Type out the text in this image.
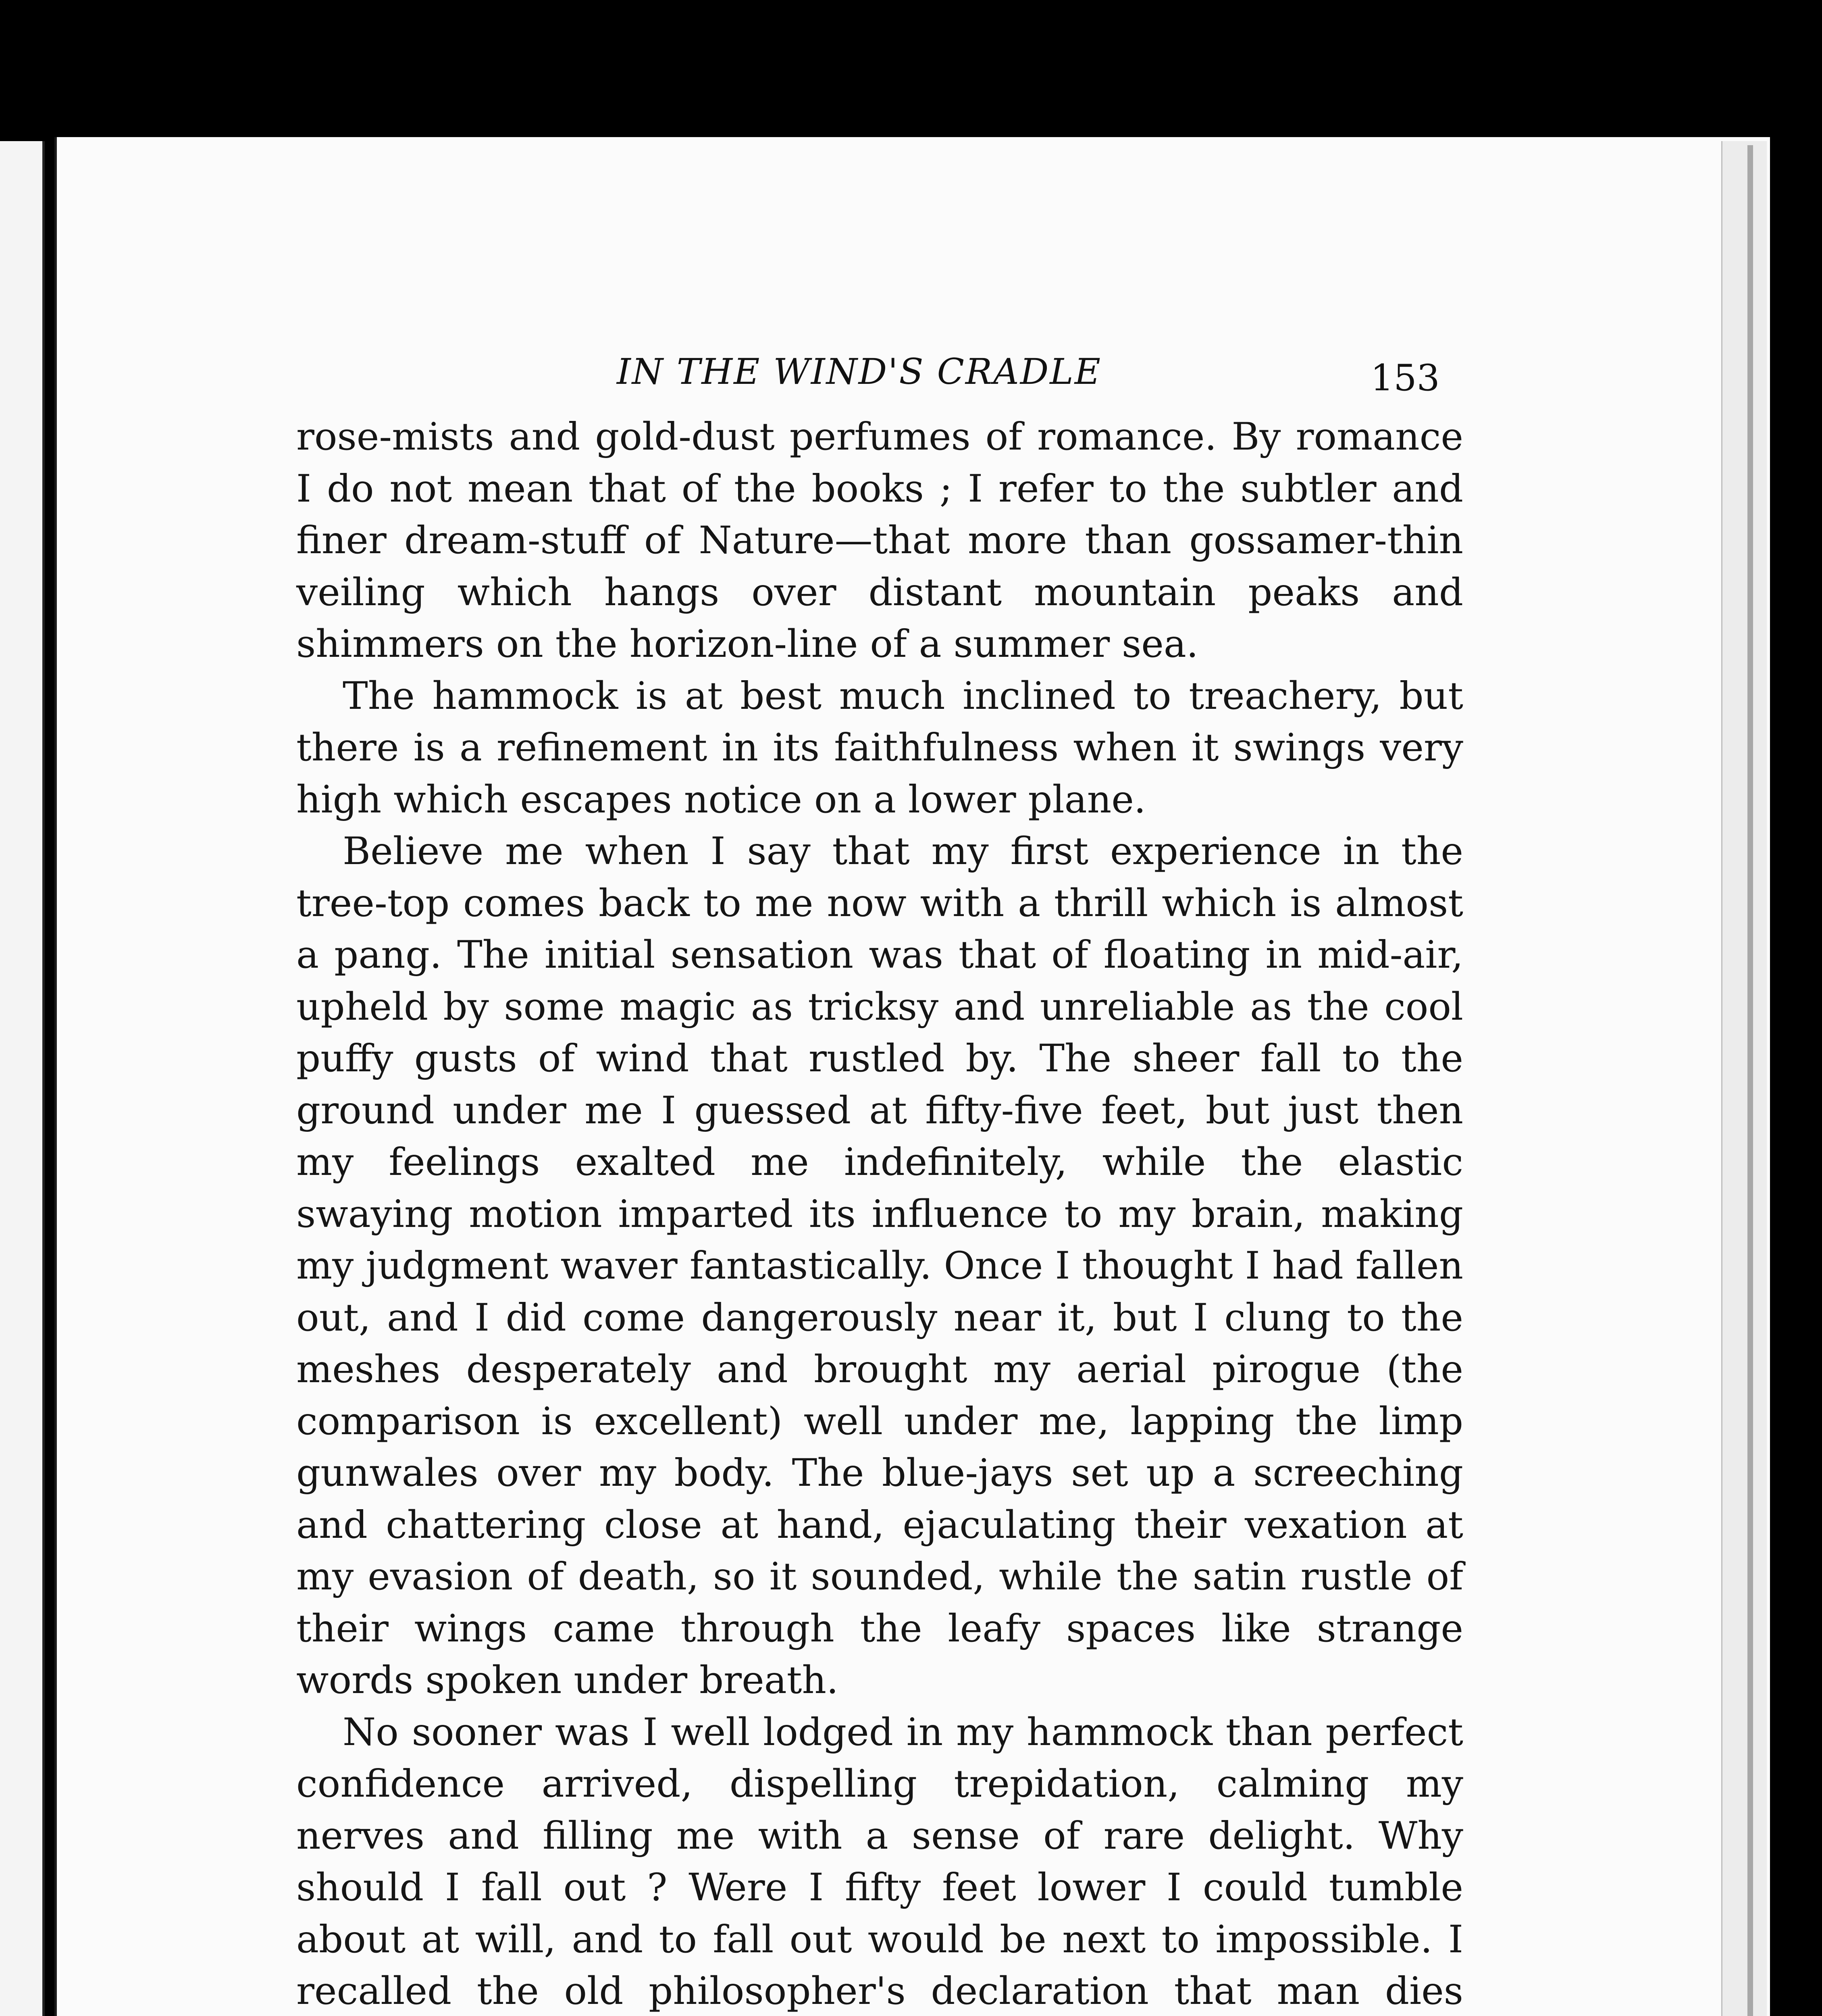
IN THE WIND'S CRADLE	153

rose-mists and gold-dust perfumes of romance. By romance I do not mean that of the books ; I refer to the subtler and finer dream-stuff of Nature—that more than gossamer-thin veiling which hangs over distant mountain peaks and shimmers on the horizon-line of a summer sea.

The hammock is at best much inclined to treachery, but there is a refinement in its faithfulness when it swings very high which escapes notice on a lower plane.

Believe me when I say that my first experience in the tree-top comes back to me now with a thrill which is almost a pang. The initial sensation was that of floating in mid-air, upheld by some magic as tricksy and unreliable as the cool puffy gusts of wind that rustled by. The sheer fall to the ground under me I guessed at fifty-five feet, but just then my feelings exalted me indefinitely, while the elastic swaying motion imparted its influence to my brain, making my judgment waver fantastically. Once I thought I had fallen out, and I did come dangerously near it, but I clung to the meshes desperately and brought my aerial pirogue (the comparison is excellent) well under me, lapping the limp gunwales over my body. The blue-jays set up a screeching and chattering close at hand, ejaculating their vexation at my evasion of death, so it sounded, while the satin rustle of their wings came through the leafy spaces like strange words spoken under breath.

No sooner was I well lodged in my hammock than perfect confidence arrived, dispelling trepidation, calming my nerves and filling me with a sense of rare delight. Why should I fall out ? Were I fifty feet lower I could tumble about at will, and to fall out would be next to impossible. I recalled the old philosopher's declaration that man dies
